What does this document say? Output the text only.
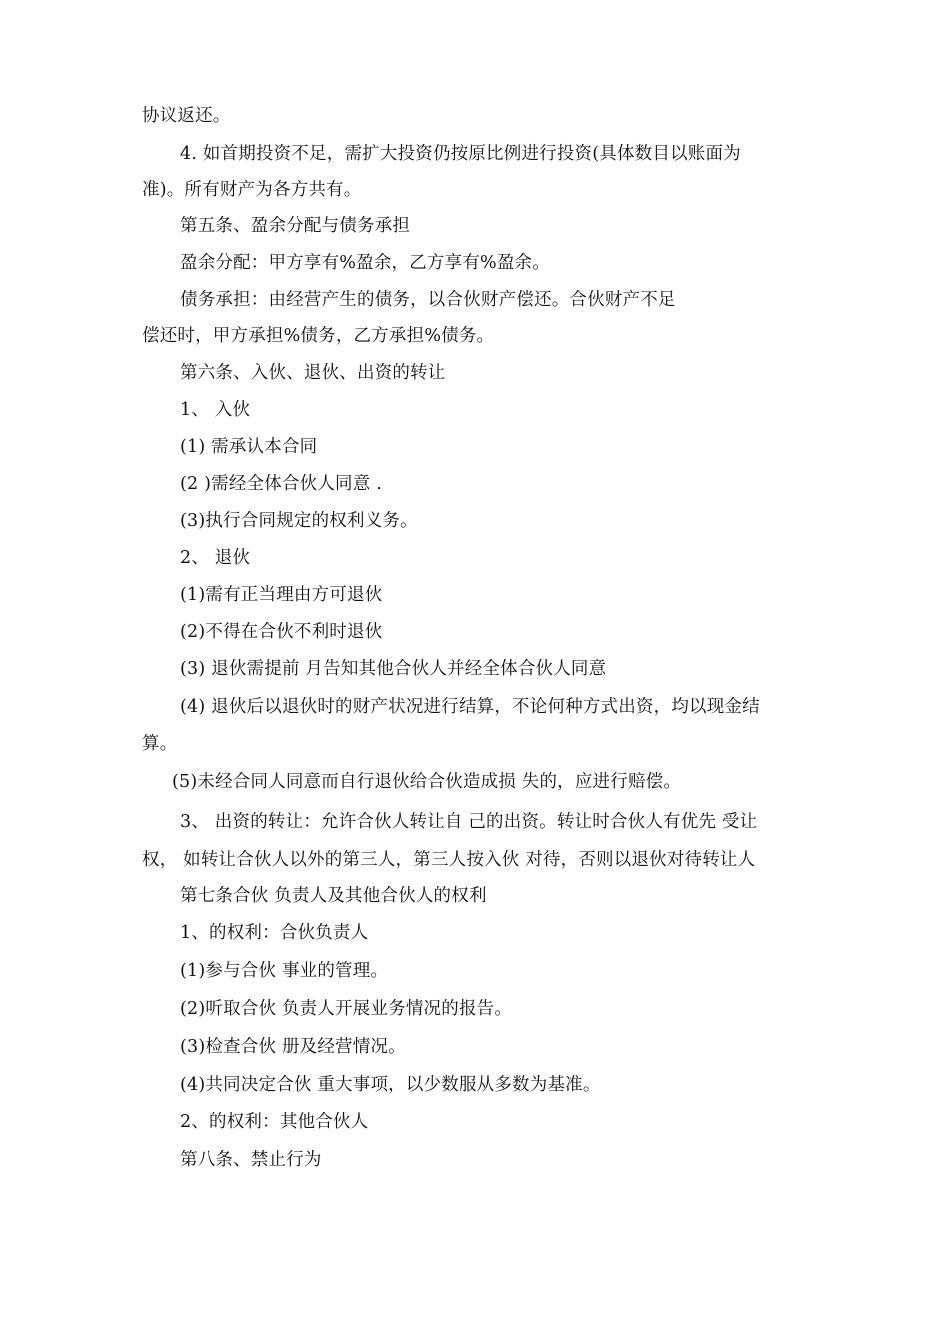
协议返还。
4. 如首期投资不足，需扩大投资仍按原比例进行投资(具体数目以账面为
准)。所有财产为各方共有。
第五条、盈余分配与债务承担
盈余分配：甲方享有%盈余，乙方享有%盈余。
债务承担：由经营产生的债务，以合伙财产偿还。合伙财产不足
偿还时，甲方承担%债务，乙方承担%债务。
第六条、入伙、退伙、出资的转让
1、 入伙
(1) 需承认本合同
(2 )需经全体合伙人同意 .
(3)执行合同规定的权利义务。
2、 退伙
(1)需有正当理由方可退伙
(2)不得在合伙不利时退伙
(3) 退伙需提前 月告知其他合伙人并经全体合伙人同意
(4) 退伙后以退伙时的财产状况进行结算，不论何种方式出资，均以现金结
算。
(5)未经合同人同意而自行退伙给合伙造成损 失的，应进行赔偿。
3、 出资的转让：允许合伙人转让自 己的出资。转让时合伙人有优先 受让
权， 如转让合伙人以外的第三人，第三人按入伙 对待，否则以退伙对待转让人
第七条合伙 负责人及其他合伙人的权利
1、的权利：合伙负责人
(1)参与合伙 事业的管理。
(2)听取合伙 负责人开展业务情况的报告。
(3)检查合伙 册及经营情况。
(4)共同决定合伙 重大事项，以少数服从多数为基准。
2、的权利：其他合伙人
第八条、禁止行为
